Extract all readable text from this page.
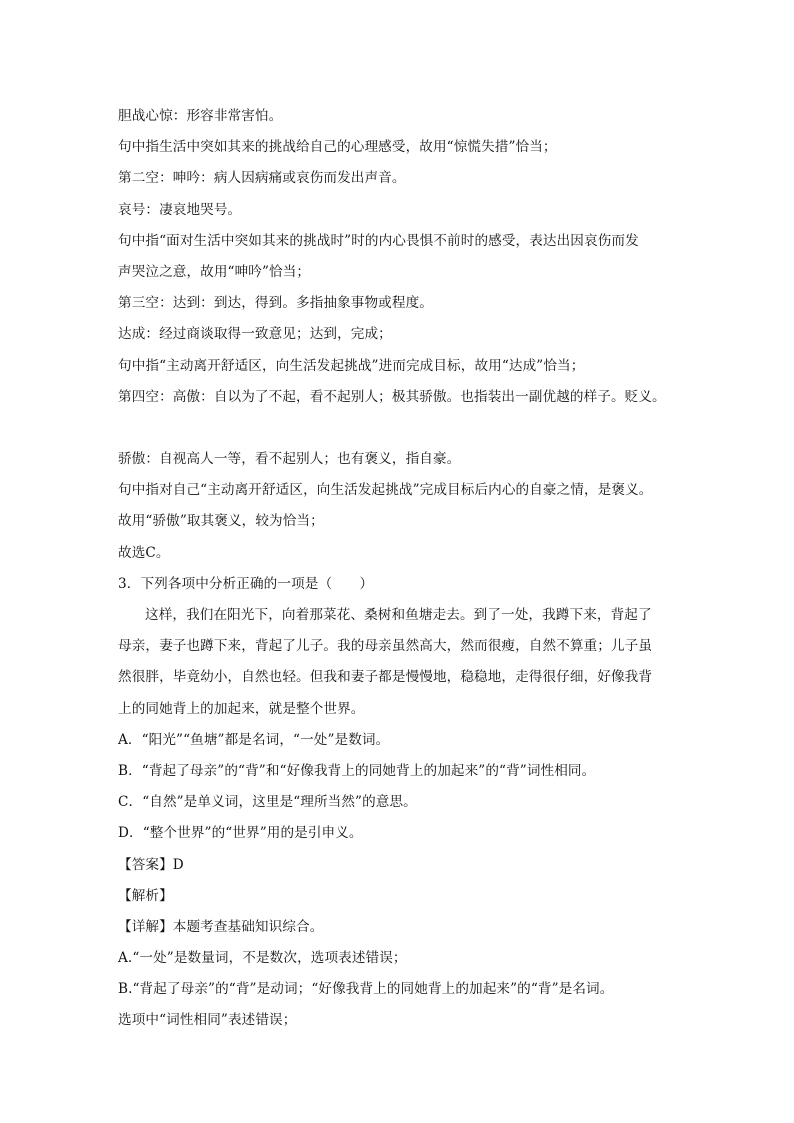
胆战心惊：形容非常害怕。
句中指生活中突如其来的挑战给自己的心理感受，故用“惊慌失措”恰当；
第二空：呻吟：病人因病痛或哀伤而发出声音。
哀号：凄哀地哭号。
句中指“面对生活中突如其来的挑战时”时的内心畏惧不前时的感受，表达出因哀伤而发
声哭泣之意，故用“呻吟”恰当；
第三空：达到：到达，得到。多指抽象事物或程度。
达成：经过商谈取得一致意见；达到，完成；
句中指“主动离开舒适区，向生活发起挑战”进而完成目标，故用“达成”恰当；
第四空：高傲：自以为了不起，看不起别人；极其骄傲。也指装出一副优越的样子。贬义。
骄傲：自视高人一等，看不起别人；也有褒义，指自豪。
句中指对自己“主动离开舒适区，向生活发起挑战”完成目标后内心的自豪之情，是褒义。
故用“骄傲”取其褒义，较为恰当；
故选C。
3．下列各项中分析正确的一项是（　　）
这样，我们在阳光下，向着那菜花、桑树和鱼塘走去。到了一处，我蹲下来，背起了
母亲，妻子也蹲下来，背起了儿子。我的母亲虽然高大，然而很瘦，自然不算重；儿子虽
然很胖，毕竟幼小，自然也轻。但我和妻子都是慢慢地，稳稳地，走得很仔细，好像我背
上的同她背上的加起来，就是整个世界。
A．“阳光”“鱼塘”都是名词，“一处”是数词。
B．“背起了母亲”的“背”和“好像我背上的同她背上的加起来”的“背”词性相同。
C．“自然”是单义词，这里是“理所当然”的意思。
D．“整个世界”的“世界”用的是引申义。
【答案】D
【解析】
【详解】本题考查基础知识综合。
A.“一处”是数量词，不是数次，选项表述错误；
B.“背起了母亲”的“背”是动词；“好像我背上的同她背上的加起来”的“背”是名词。
选项中“词性相同”表述错误；
